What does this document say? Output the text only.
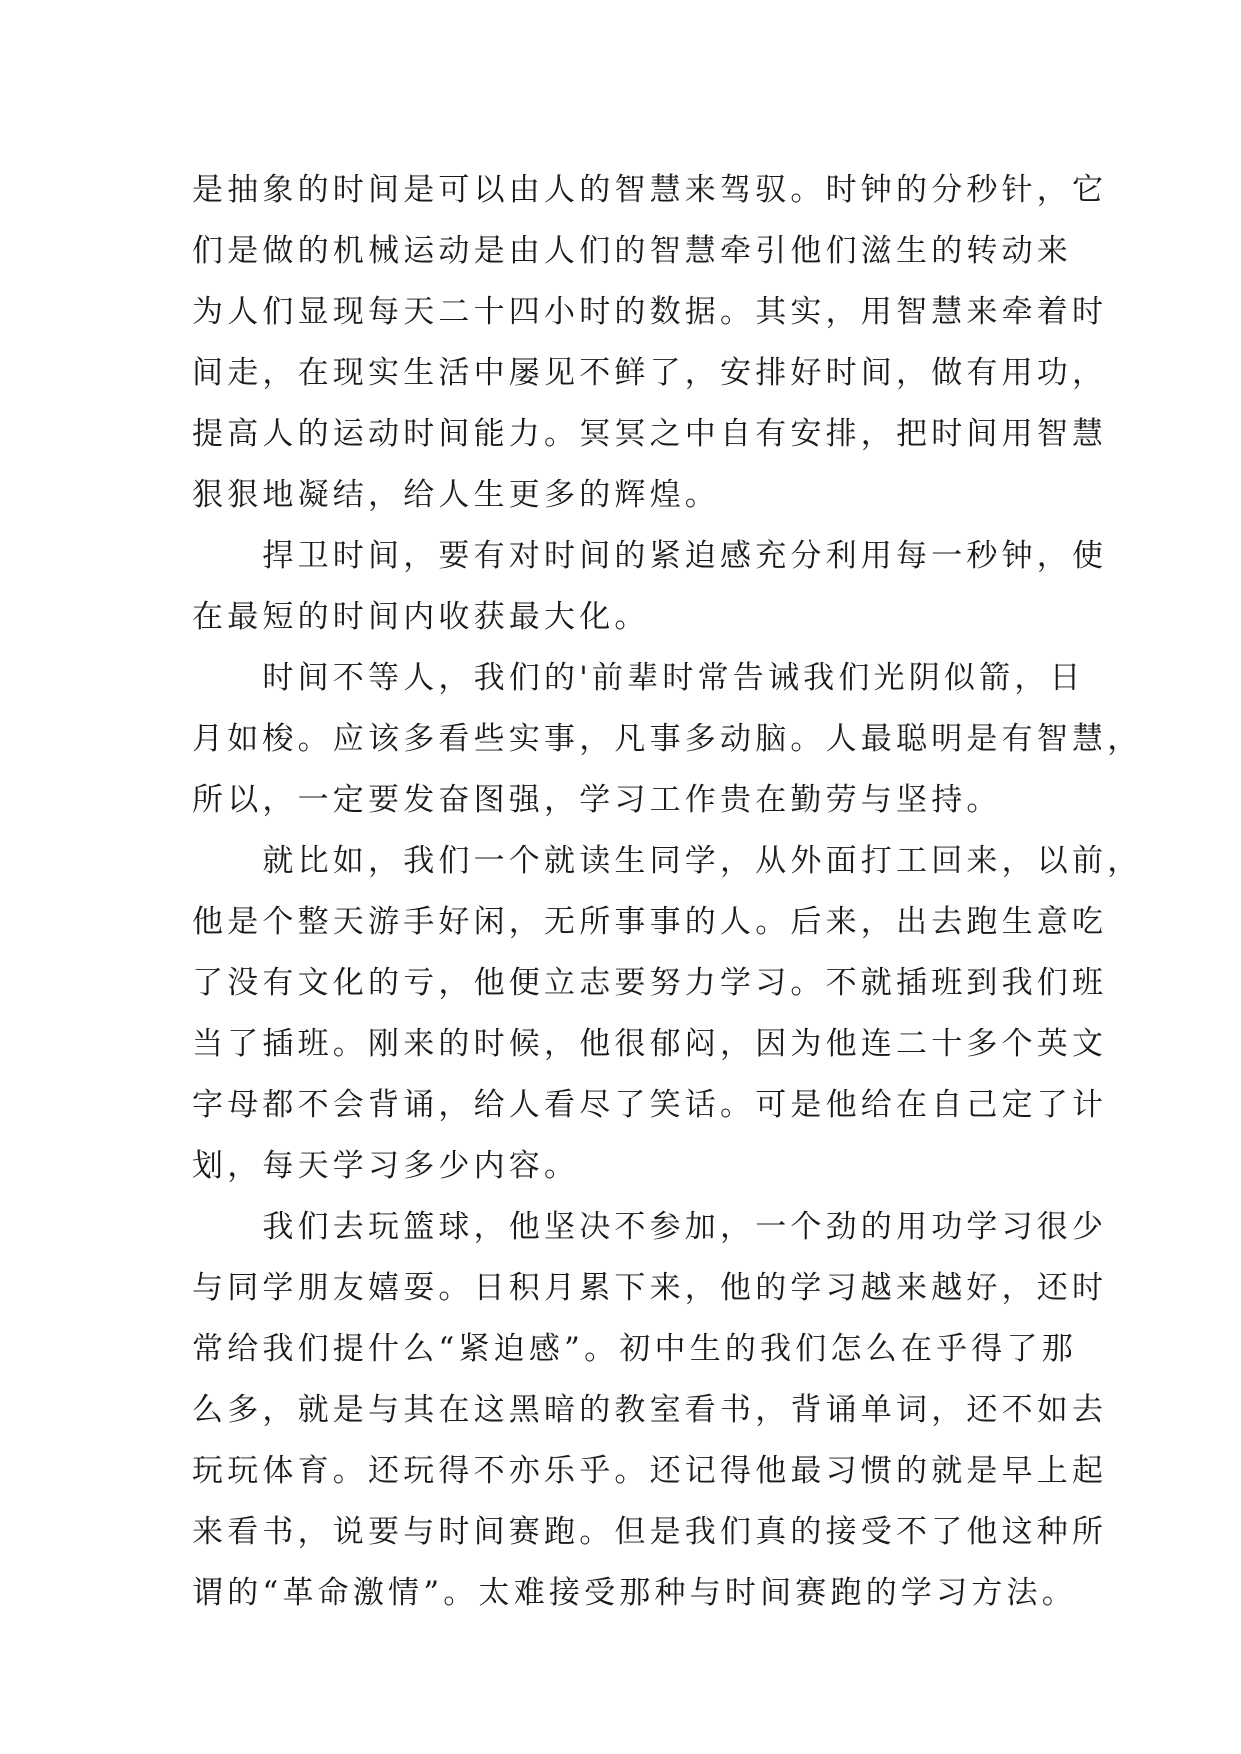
是抽象的时间是可以由人的智慧来驾驭。时钟的分秒针，它
们是做的机械运动是由人们的智慧牵引他们滋生的转动来
为人们显现每天二十四小时的数据。其实，用智慧来牵着时
间走，在现实生活中屡见不鲜了，安排好时间，做有用功，
提高人的运动时间能力。冥冥之中自有安排，把时间用智慧
狠狠地凝结，给人生更多的辉煌。
　　捍卫时间，要有对时间的紧迫感充分利用每一秒钟，使
在最短的时间内收获最大化。
　　时间不等人，我们的'前辈时常告诫我们光阴似箭，日
月如梭。应该多看些实事，凡事多动脑。人最聪明是有智慧，
所以，一定要发奋图强，学习工作贵在勤劳与坚持。
　　就比如，我们一个就读生同学，从外面打工回来，以前，
他是个整天游手好闲，无所事事的人。后来，出去跑生意吃
了没有文化的亏，他便立志要努力学习。不就插班到我们班
当了插班。刚来的时候，他很郁闷，因为他连二十多个英文
字母都不会背诵，给人看尽了笑话。可是他给在自己定了计
划，每天学习多少内容。
　　我们去玩篮球，他坚决不参加，一个劲的用功学习很少
与同学朋友嬉耍。日积月累下来，他的学习越来越好，还时
常给我们提什么“紧迫感”。初中生的我们怎么在乎得了那
么多，就是与其在这黑暗的教室看书，背诵单词，还不如去
玩玩体育。还玩得不亦乐乎。还记得他最习惯的就是早上起
来看书，说要与时间赛跑。但是我们真的接受不了他这种所
谓的“革命激情”。太难接受那种与时间赛跑的学习方法。
